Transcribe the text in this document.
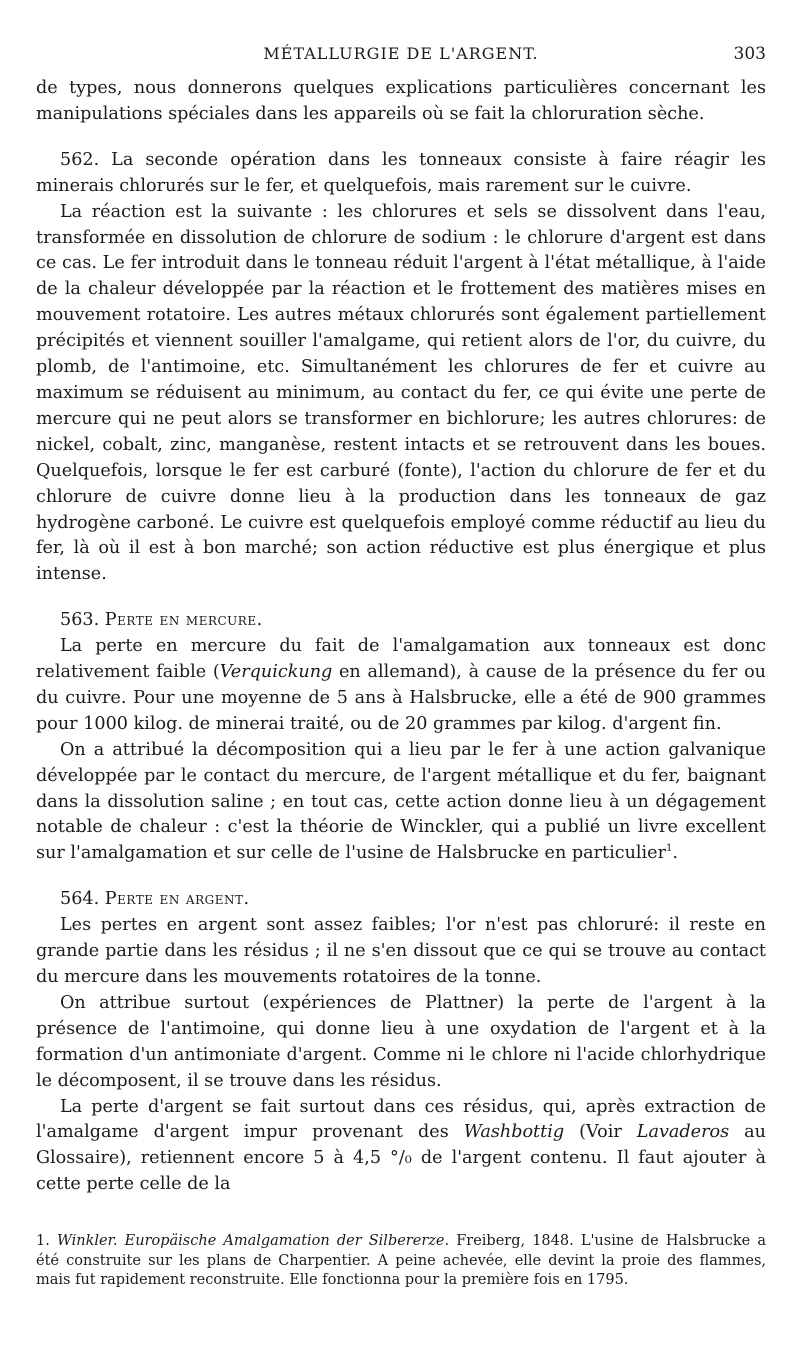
MÉTALLURGIE DE L'ARGENT.	303

de types, nous donnerons quelques explications particulières concernant les manipulations spéciales dans les appareils où se fait la chloruration sèche.

562. La seconde opération dans les tonneaux consiste à faire réagir les minerais chlorurés sur le fer, et quelquefois, mais rarement sur le cuivre.

La réaction est la suivante : les chlorures et sels se dissolvent dans l'eau, transformée en dissolution de chlorure de sodium : le chlorure d'argent est dans ce cas. Le fer introduit dans le tonneau réduit l'argent à l'état métallique, à l'aide de la chaleur développée par la réaction et le frottement des matières mises en mouvement rotatoire. Les autres métaux chlorurés sont également partiellement précipités et viennent souiller l'amalgame, qui retient alors de l'or, du cuivre, du plomb, de l'antimoine, etc. Simultanément les chlorures de fer et cuivre au maximum se réduisent au minimum, au contact du fer, ce qui évite une perte de mercure qui ne peut alors se transformer en bichlorure; les autres chlorures: de nickel, cobalt, zinc, manganèse, restent intacts et se retrouvent dans les boues. Quelquefois, lorsque le fer est carburé (fonte), l'action du chlorure de fer et du chlorure de cuivre donne lieu à la production dans les tonneaux de gaz hydrogène carboné. Le cuivre est quelquefois employé comme réductif au lieu du fer, là où il est à bon marché; son action réductive est plus énergique et plus intense.

563. Perte en mercure.

La perte en mercure du fait de l'amalgamation aux tonneaux est donc relativement faible (Verquickung en allemand), à cause de la présence du fer ou du cuivre. Pour une moyenne de 5 ans à Halsbrucke, elle a été de 900 grammes pour 1000 kilog. de minerai traité, ou de 20 grammes par kilog. d'argent fin.

On a attribué la décomposition qui a lieu par le fer à une action galvanique développée par le contact du mercure, de l'argent métallique et du fer, baignant dans la dissolution saline ; en tout cas, cette action donne lieu à un dégagement notable de chaleur : c'est la théorie de Winckler, qui a publié un livre excellent sur l'amalgamation et sur celle de l'usine de Halsbrucke en particulier$^1$.

564. Perte en argent.

Les pertes en argent sont assez faibles; l'or n'est pas chloruré: il reste en grande partie dans les résidus ; il ne s'en dissout que ce qui se trouve au contact du mercure dans les mouvements rotatoires de la tonne.

On attribue surtout (expériences de Plattner) la perte de l'argent à la présence de l'antimoine, qui donne lieu à une oxydation de l'argent et à la formation d'un antimoniate d'argent. Comme ni le chlore ni l'acide chlorhydrique le décomposent, il se trouve dans les résidus.

La perte d'argent se fait surtout dans ces résidus, qui, après extraction de l'amalgame d'argent impur provenant des Washbottig (Voir Lavaderos au Glossaire), retiennent encore 5 à 4,5 °/₀ de l'argent contenu. Il faut ajouter à cette perte celle de la

1. Winkler. Europäische Amalgamation der Silbererze. Freiberg, 1848. L'usine de Halsbrucke a été construite sur les plans de Charpentier. A peine achevée, elle devint la proie des flammes, mais fut rapidement reconstruite. Elle fonctionna pour la première fois en 1795.
